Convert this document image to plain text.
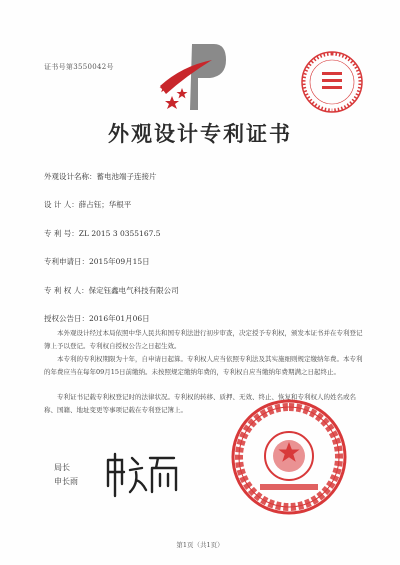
证书号第3550042号
外观设计专利证书
外观设计名称：蓄电池端子连接片
设 计 人：薛占钰；华根平
专 利 号：ZL 2015 3 0355167.5
专利申请日：2015年09月15日
专 利 权 人：保定钰鑫电气科技有限公司
授权公告日：2016年01月06日
本外观设计经过本局依照中华人民共和国专利法进行初步审查，决定授予专利权，颁发本证书并在专利登记簿上予以登记。专利权自授权公告之日起生效。
本专利的专利权期限为十年，自申请日起算。专利权人应当依照专利法及其实施细则规定缴纳年费。本专利的年费应当在每年09月15日前缴纳。未按照规定缴纳年费的，专利权自应当缴纳年费期满之日起终止。
专利证书记载专利权登记时的法律状况。专利权的转移、质押、无效、终止、恢复和专利权人的姓名或名称、国籍、地址变更等事项记载在专利登记簿上。
局长
申长雨
第1页（共1页）
